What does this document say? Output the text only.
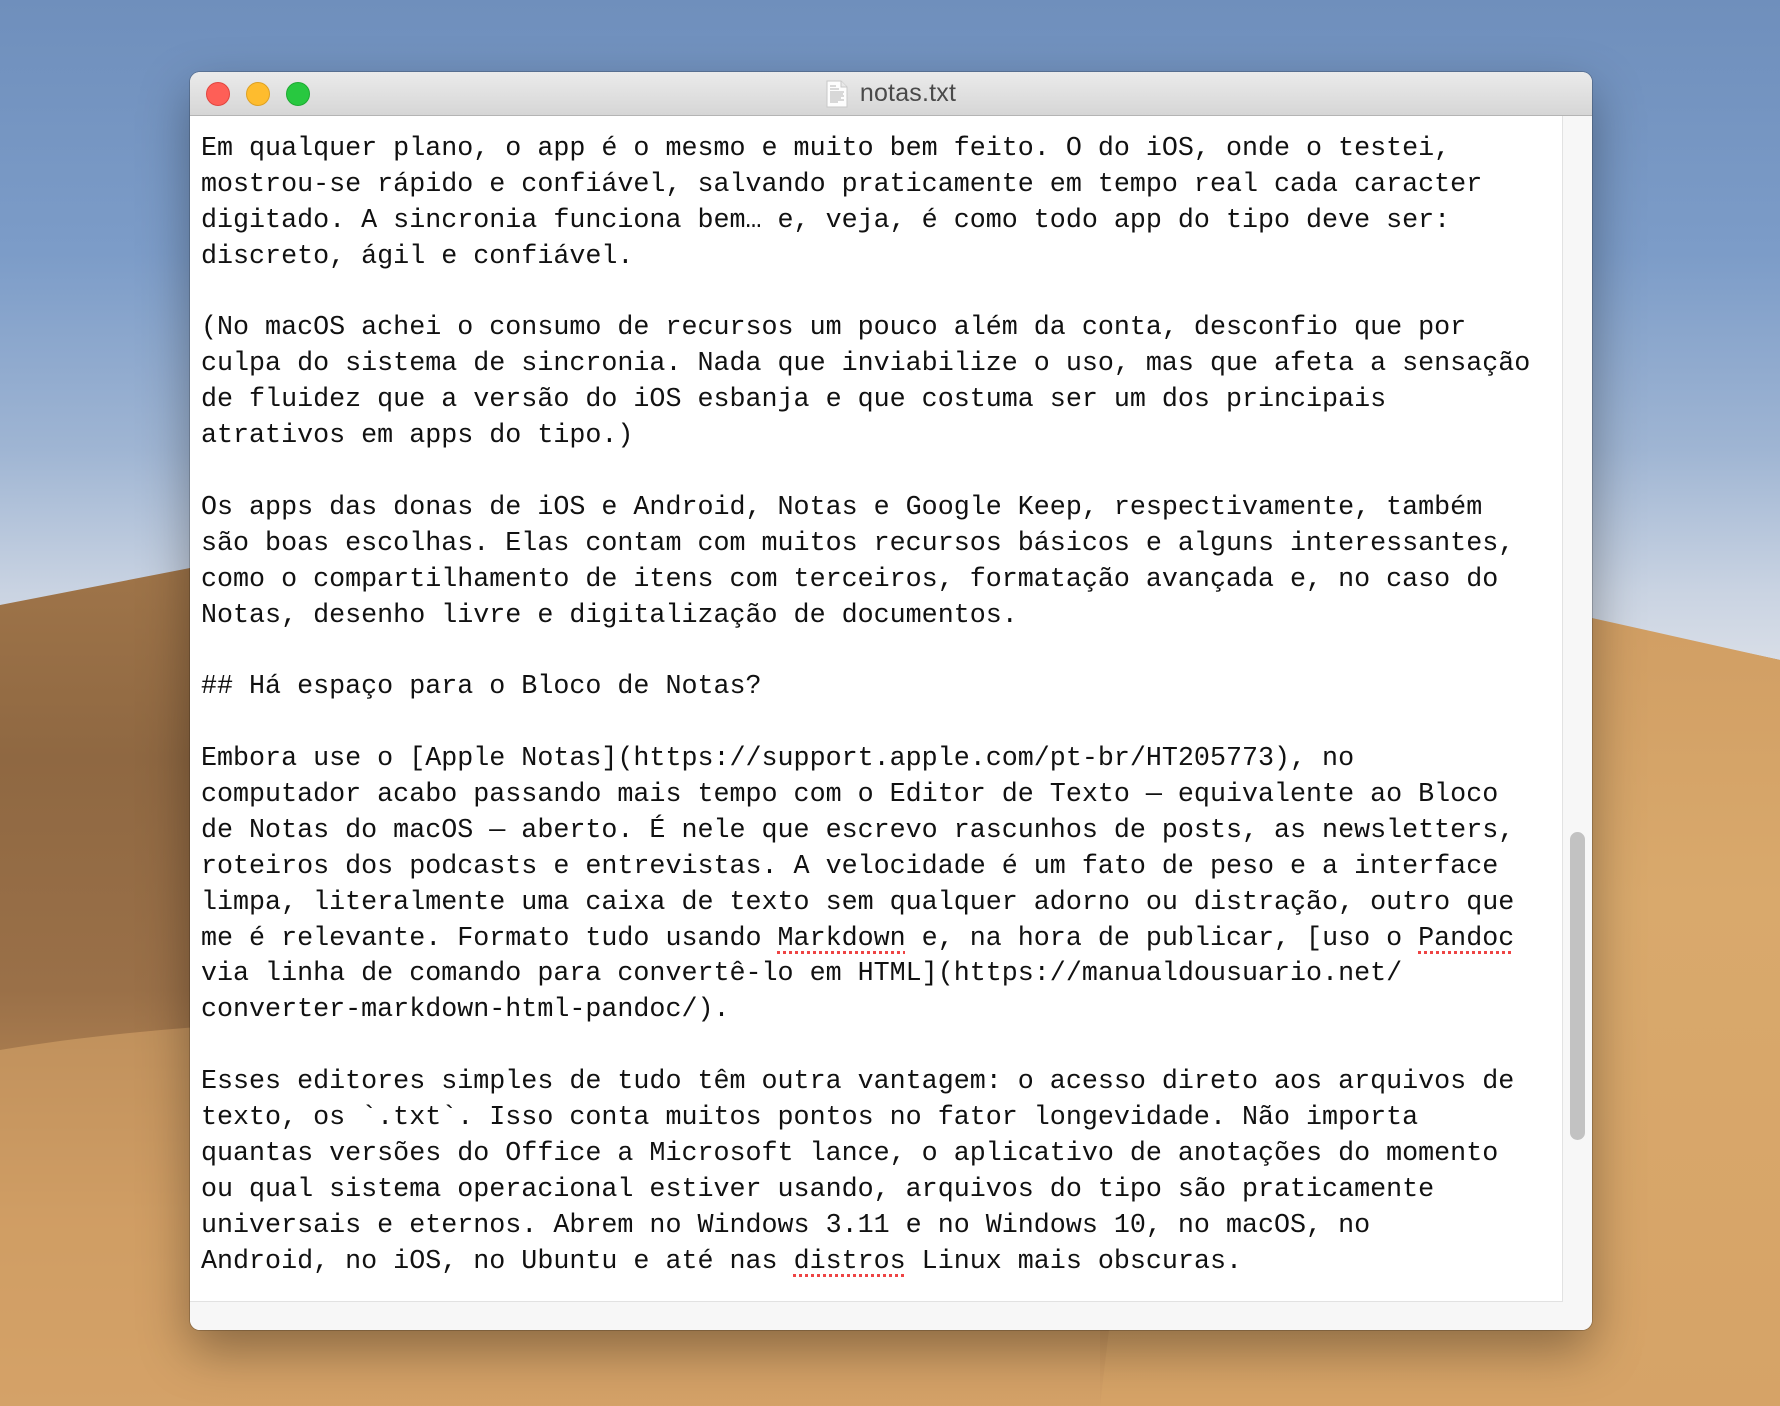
notas.txt
Em qualquer plano, o app é o mesmo e muito bem feito. O do iOS, onde o testei,
mostrou-se rápido e confiável, salvando praticamente em tempo real cada caracter
digitado. A sincronia funciona bem… e, veja, é como todo app do tipo deve ser:
discreto, ágil e confiável.
(No macOS achei o consumo de recursos um pouco além da conta, desconfio que por
culpa do sistema de sincronia. Nada que inviabilize o uso, mas que afeta a sensação
de fluidez que a versão do iOS esbanja e que costuma ser um dos principais
atrativos em apps do tipo.)
Os apps das donas de iOS e Android, Notas e Google Keep, respectivamente, também
são boas escolhas. Elas contam com muitos recursos básicos e alguns interessantes,
como o compartilhamento de itens com terceiros, formatação avançada e, no caso do
Notas, desenho livre e digitalização de documentos.
## Há espaço para o Bloco de Notas?
Embora use o [Apple Notas](https://support.apple.com/pt-br/HT205773), no
computador acabo passando mais tempo com o Editor de Texto — equivalente ao Bloco
de Notas do macOS — aberto. É nele que escrevo rascunhos de posts, as newsletters,
roteiros dos podcasts e entrevistas. A velocidade é um fato de peso e a interface
limpa, literalmente uma caixa de texto sem qualquer adorno ou distração, outro que
me é relevante. Formato tudo usando Markdown e, na hora de publicar, [uso o Pandoc
via linha de comando para convertê-lo em HTML](https://manualdousuario.net/
converter-markdown-html-pandoc/).
Esses editores simples de tudo têm outra vantagem: o acesso direto aos arquivos de
texto, os `.txt`. Isso conta muitos pontos no fator longevidade. Não importa
quantas versões do Office a Microsoft lance, o aplicativo de anotações do momento
ou qual sistema operacional estiver usando, arquivos do tipo são praticamente
universais e eternos. Abrem no Windows 3.11 e no Windows 10, no macOS, no
Android, no iOS, no Ubuntu e até nas distros Linux mais obscuras.
